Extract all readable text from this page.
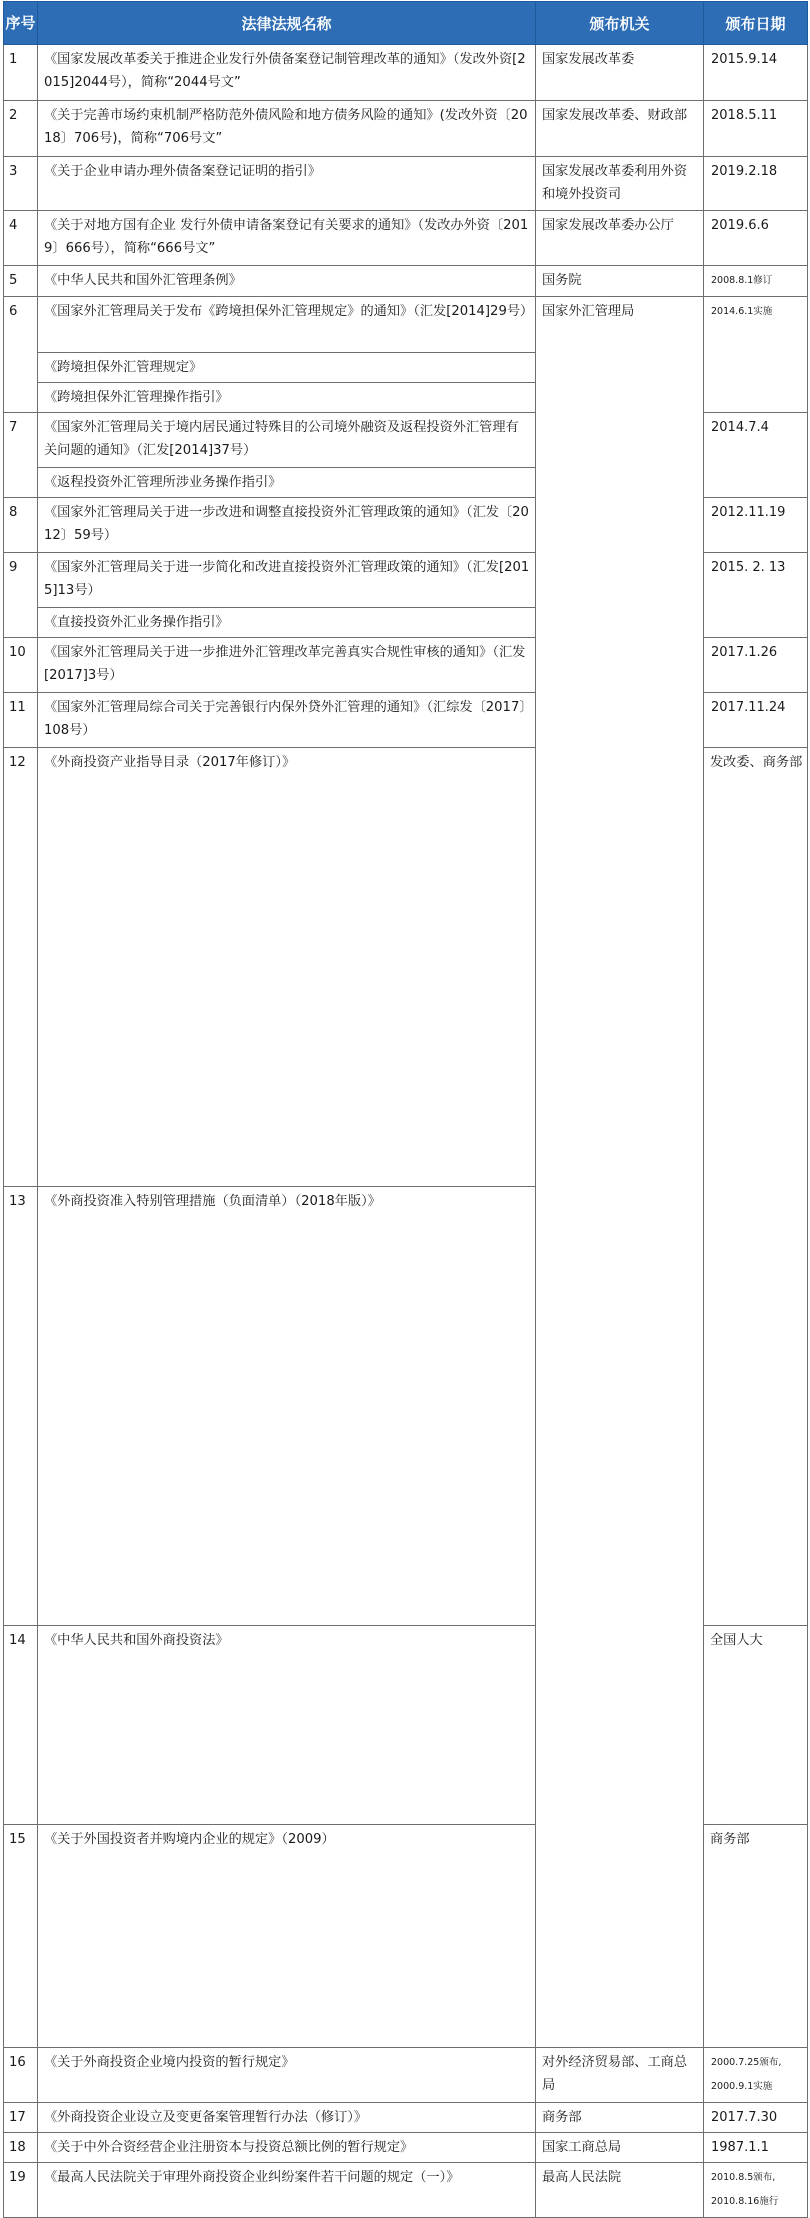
序号	法律法规名称	颁布机关	颁布日期	
1	《国家发展改革委关于推进企业发行外债备案登记制管理改革的通知》（发改外资[2015]2044号），简称“2044号文”	国家发展改革委	2015.9.14	
2	《关于完善市场约束机制严格防范外债风险和地方债务风险的通知》(发改外资〔2018〕706号)，简称“706号文”	国家发展改革委、财政部	2018.5.11	
3	《关于企业申请办理外债备案登记证明的指引》	国家发展改革委利用外资和境外投资司	2019.2.18	
4	《关于对地方国有企业 发行外债申请备案登记有关要求的通知》（发改办外资〔2019〕666号），简称“666号文”	国家发展改革委办公厅	2019.6.6	
5	《中华人民共和国外汇管理条例》	国务院	2008.8.1修订	
6	《国家外汇管理局关于发布《跨境担保外汇管理规定》的通知》（汇发[2014]29号）	国家外汇管理局	2014.6.1实施	
	《跨境担保外汇管理规定》			
	《跨境担保外汇管理操作指引》			
7	《国家外汇管理局关于境内居民通过特殊目的公司境外融资及返程投资外汇管理有关问题的通知》（汇发[2014]37号）		2014.7.4	
	《返程投资外汇管理所涉业务操作指引》			
8	《国家外汇管理局关于进一步改进和调整直接投资外汇管理政策的通知》（汇发〔2012〕59号）		2012.11.19	
9	《国家外汇管理局关于进一步简化和改进直接投资外汇管理政策的通知》（汇发[2015]13号）		2015. 2. 13	
	《直接投资外汇业务操作指引》			
10	《国家外汇管理局关于进一步推进外汇管理改革完善真实合规性审核的通知》（汇发[2017]3号）		2017.1.26	
11	《国家外汇管理局综合司关于完善银行内保外贷外汇管理的通知》（汇综发〔2017〕108号）		2017.11.24	
12	《外商投资产业指导目录（2017年修订）》		发改委、商务部	

13	《外商投资准入特别管理措施（负面清单）（2018年版）》	

14	《中华人民共和国外商投资法》		全国人大	
15	《关于外国投资者并购境内企业的规定》（2009）		商务部	
16	《关于外商投资企业境内投资的暂行规定》	对外经济贸易部、工商总局	2000.7.25颁布,
2000.9.1实施	

17	《外商投资企业设立及变更备案管理暂行办法（修订）》	商务部	2017.7.30	
18	《关于中外合资经营企业注册资本与投资总额比例的暂行规定》	国家工商总局	1987.1.1	
19	《最高人民法院关于审理外商投资企业纠纷案件若干问题的规定（一）》	最高人民法院	2010.8.5颁布,
2010.8.16施行	
